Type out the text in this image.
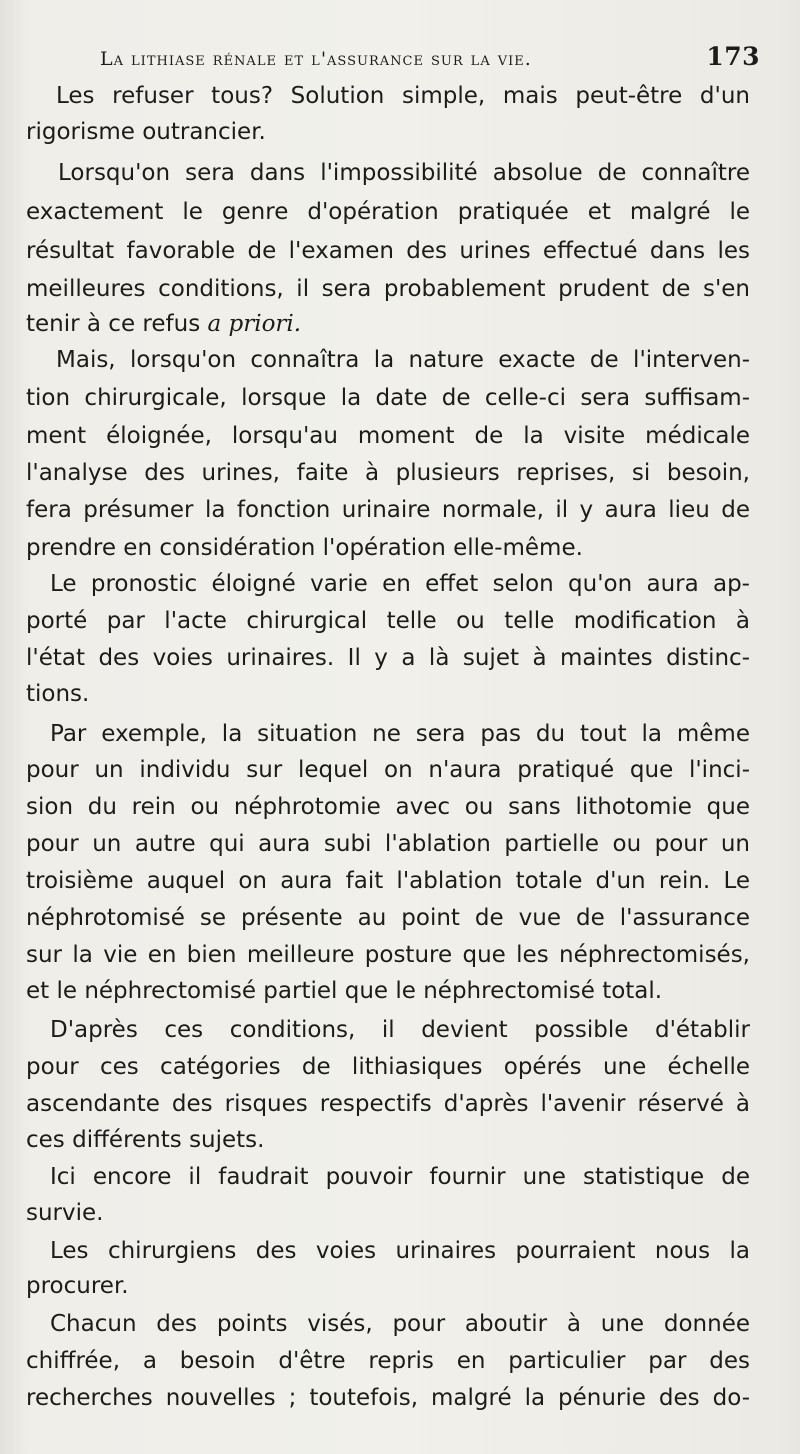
La lithiase rénale et l'assurance sur la vie.	173
Les refuser tous? Solution simple, mais peut-être d'un
rigorisme outrancier.
Lorsqu'on sera dans l'impossibilité absolue de connaître
exactement le genre d'opération pratiquée et malgré le
résultat favorable de l'examen des urines effectué dans les
meilleures conditions, il sera probablement prudent de s'en
tenir à ce refus a priori.
Mais, lorsqu'on connaîtra la nature exacte de l'interven-
tion chirurgicale, lorsque la date de celle-ci sera suffisam-
ment éloignée, lorsqu'au moment de la visite médicale
l'analyse des urines, faite à plusieurs reprises, si besoin,
fera présumer la fonction urinaire normale, il y aura lieu de
prendre en considération l'opération elle-même.
Le pronostic éloigné varie en effet selon qu'on aura ap-
porté par l'acte chirurgical telle ou telle modification à
l'état des voies urinaires. Il y a là sujet à maintes distinc-
tions.
Par exemple, la situation ne sera pas du tout la même
pour un individu sur lequel on n'aura pratiqué que l'inci-
sion du rein ou néphrotomie avec ou sans lithotomie que
pour un autre qui aura subi l'ablation partielle ou pour un
troisième auquel on aura fait l'ablation totale d'un rein. Le
néphrotomisé se présente au point de vue de l'assurance
sur la vie en bien meilleure posture que les néphrectomisés,
et le néphrectomisé partiel que le néphrectomisé total.
D'après ces conditions, il devient possible d'établir
pour ces catégories de lithiasiques opérés une échelle
ascendante des risques respectifs d'après l'avenir réservé à
ces différents sujets.
Ici encore il faudrait pouvoir fournir une statistique de
survie.
Les chirurgiens des voies urinaires pourraient nous la
procurer.
Chacun des points visés, pour aboutir à une donnée
chiffrée, a besoin d'être repris en particulier par des
recherches nouvelles ; toutefois, malgré la pénurie des do-
